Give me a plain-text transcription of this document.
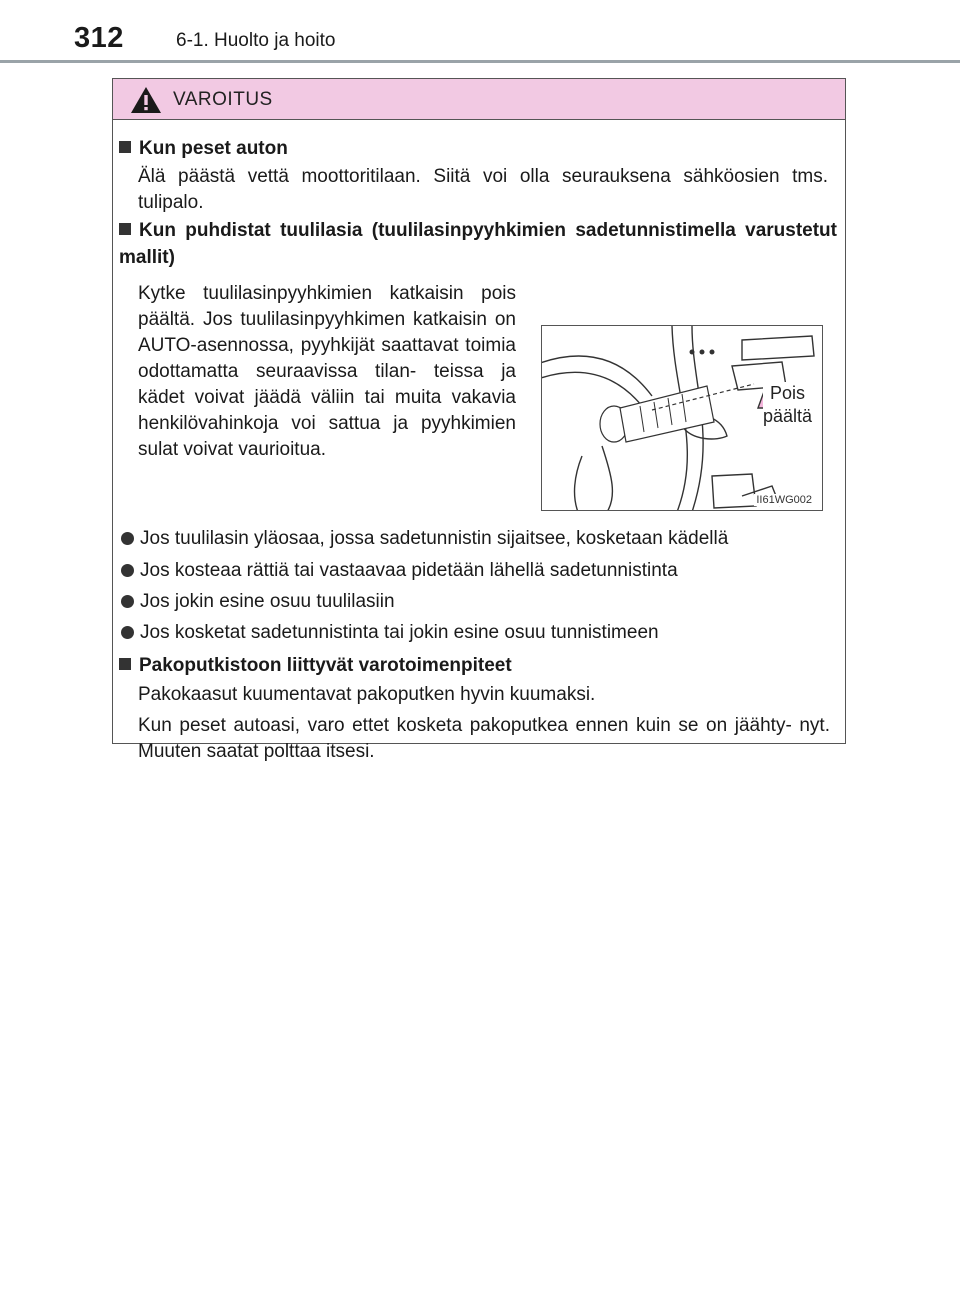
312	6-1. Huolto ja hoito
VAROITUS
Kun peset auton
Älä päästä vettä moottoritilaan. Siitä voi olla seurauksena sähköosien tms. tulipalo.
Kun puhdistat tuulilasia (tuulilasinpyyhkimien sadetunnistimella varustetut mallit)
Kytke tuulilasinpyyhkimien katkaisin pois päältä. Jos tuulilasinpyyhkimen katkaisin on AUTO-asennossa, pyyhkijät saattavat toimia odottamatta seuraavissa tilan- teissa ja kädet voivat jäädä väliin tai muita vakavia henkilövahinkoja voi sattua ja pyyhkimien sulat voivat vaurioitua.
Pois
päältä
II61WG002
Jos tuulilasin yläosaa, jossa sadetunnistin sijaitsee, kosketaan kädellä
Jos kosteaa rättiä tai vastaavaa pidetään lähellä sadetunnistinta
Jos jokin esine osuu tuulilasiin
Jos kosketat sadetunnistinta tai jokin esine osuu tunnistimeen
Pakoputkistoon liittyvät varotoimenpiteet
Pakokaasut kuumentavat pakoputken hyvin kuumaksi.
Kun peset autoasi, varo ettet kosketa pakoputkea ennen kuin se on jäähty- nyt. Muuten saatat polttaa itsesi.
